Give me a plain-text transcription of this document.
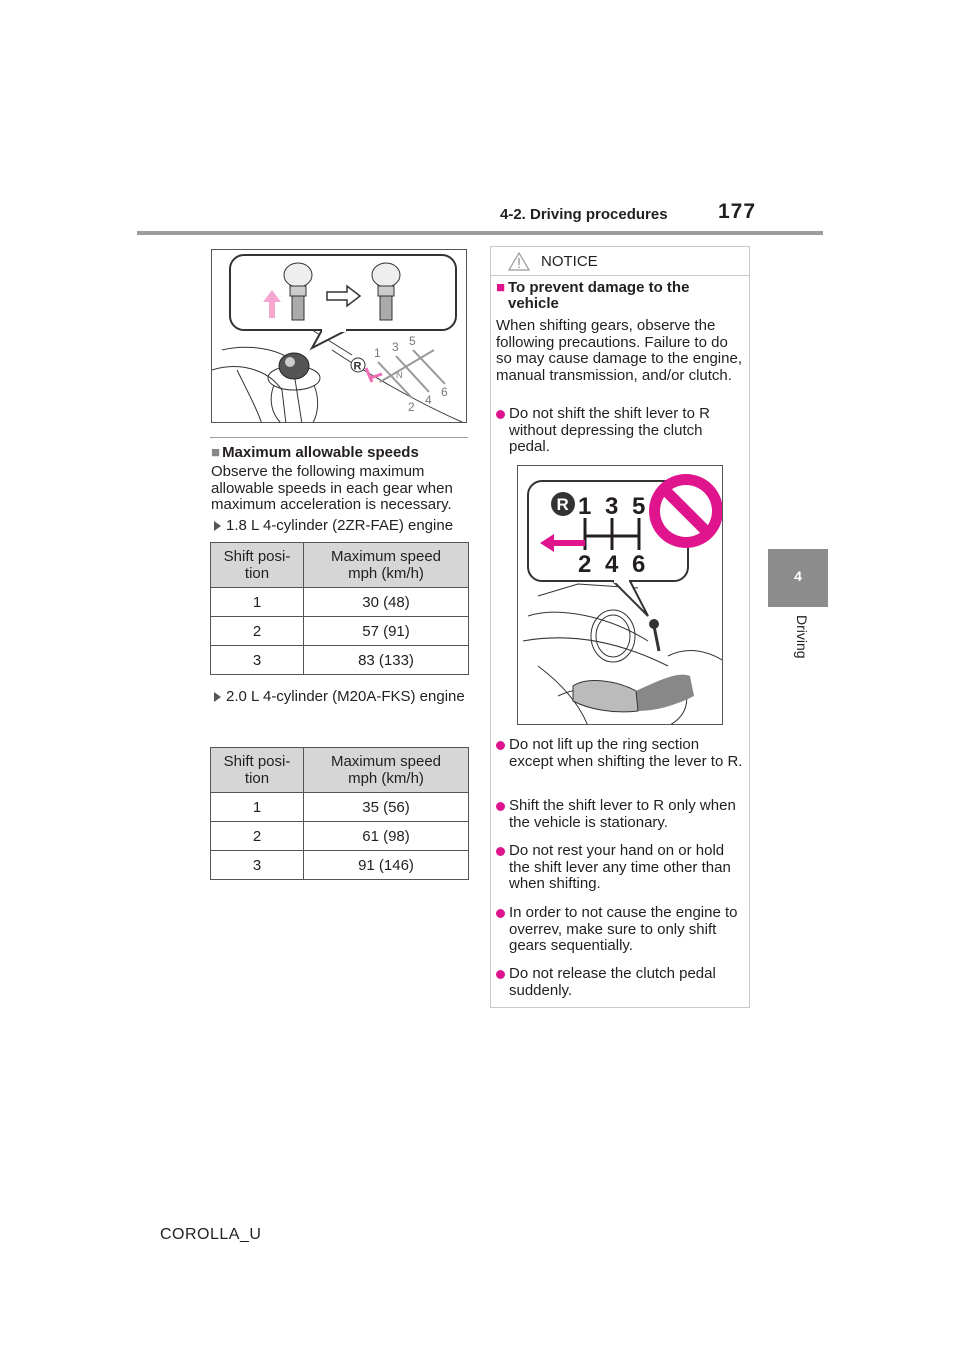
4-2. Driving procedures 177
4
Driving
R
1 3 5
N
2 4
6
■ Maximum allowable speeds
Observe the following maximum allowable speeds in each gear when maximum acceleration is necessary.
1.8 L 4-cylinder (2ZR-FAE) engine
Shift posi-
tion	Maximum speed
mph (km/h)
1	30 (48)
2	57 (91)
3	83 (133)
2.0 L 4-cylinder (M20A-FKS) engine
Shift posi-
tion	Maximum speed
mph (km/h)
1	35 (56)
2	61 (98)
3	91 (146)
NOTICE
■ To prevent damage to the vehicle
When shifting gears, observe the following precautions. Failure to do so may cause damage to the engine, manual transmission, and/or clutch.
Do not shift the shift lever to R without depressing the clutch pedal.
R 1 3 5
2 4 6
Do not lift up the ring section except when shifting the lever to R.
Shift the shift lever to R only when the vehicle is stationary.
Do not rest your hand on or hold the shift lever any time other than when shifting.
In order to not cause the engine to overrev, make sure to only shift gears sequentially.
Do not release the clutch pedal suddenly.
COROLLA_U
